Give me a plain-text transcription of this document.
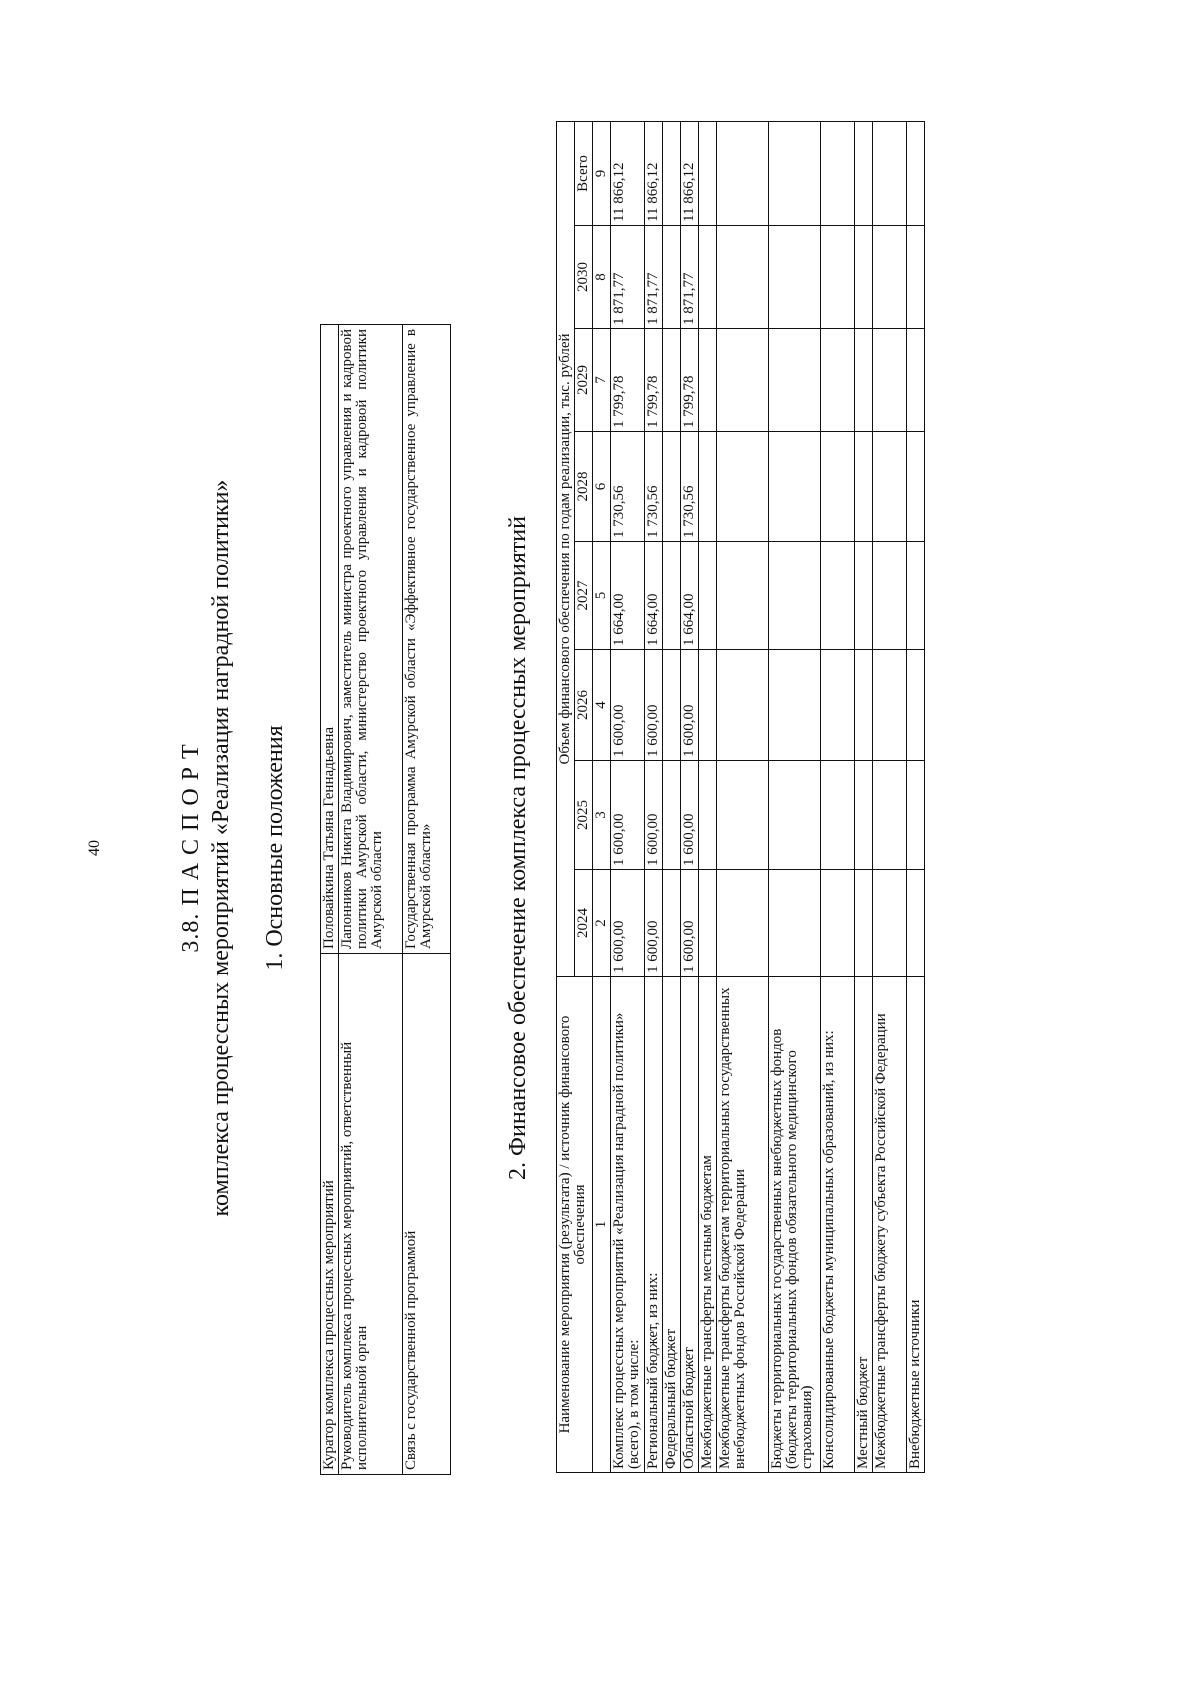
40	3.8. П А С П О Р Т комплекса процессных мероприятий «Реализация наградной политики» 1. Основные положения
Куратор комплекса процессных мероприятий	Половайкина Татьяна Геннадьевна
Руководитель комплекса процессных мероприятий, ответственный исполнительной орган	Лапонников Никита Владимирович, заместитель министра проектного управления и кадровой политики Амурской области, министерство проектного управления и кадровой политики Амурской области
Связь с государственной программой	Государственная программа Амурской области «Эффективное государственное управление в Амурской области»	2. Финансовое обеспечение комплекса процессных мероприятий
Наименование мероприятия (результата) / источник финансового обеспечения	Объем финансового обеспечения по годам реализации, тыс. рублей							
	2024	2025	2026	2027	2028	2029	2030	Всего
1	2	3	4	5	6	7	8	9
Комплекс процессных мероприятий «Реализация наградной политики» (всего), в том числе:	1 600,00	1 600,00	1 600,00	1 664,00	1 730,56	1 799,78	1 871,77	11 866,12
Региональный бюджет, из них:	1 600,00	1 600,00	1 600,00	1 664,00	1 730,56	1 799,78	1 871,77	11 866,12
Федеральный бюджет								
Областной бюджет	1 600,00	1 600,00	1 600,00	1 664,00	1 730,56	1 799,78	1 871,77	11 866,12
Межбюджетные трансферты местным бюджетам								
Межбюджетные трансферты бюджетам территориальных государственных внебюджетных фондов Российской Федерации								
Бюджеты территориальных государственных внебюджетных фондов (бюджеты территориальных фондов обязательного медицинского страхования)								
Консолидированные бюджеты муниципальных образований, из них:								
Местный бюджет								
Межбюджетные трансферты бюджету субъекта Российской Федерации								
Внебюджетные источники								
